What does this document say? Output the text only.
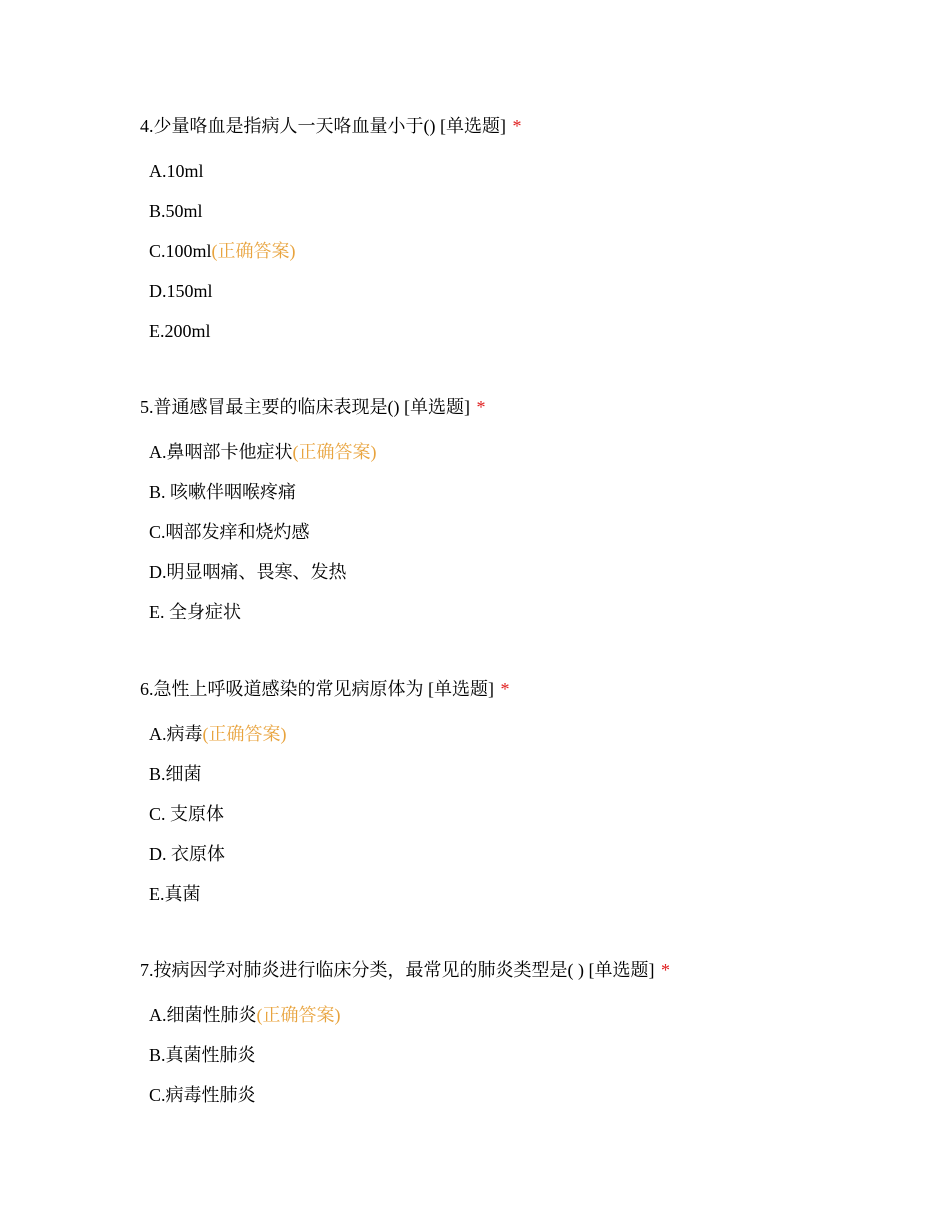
4.少量咯血是指病人一天咯血量小于() [单选题] *
A.10ml
B.50ml
C.100ml(正确答案)
D.150ml
E.200ml
5.普通感冒最主要的临床表现是() [单选题] *
A.鼻咽部卡他症状(正确答案)
B. 咳嗽伴咽喉疼痛
C.咽部发痒和烧灼感
D.明显咽痛、畏寒、发热
E. 全身症状
6.急性上呼吸道感染的常见病原体为 [单选题] *
A.病毒(正确答案)
B.细菌
C. 支原体
D. 衣原体
E.真菌
7.按病因学对肺炎进行临床分类，最常见的肺炎类型是( ) [单选题] *
A.细菌性肺炎(正确答案)
B.真菌性肺炎
C.病毒性肺炎
